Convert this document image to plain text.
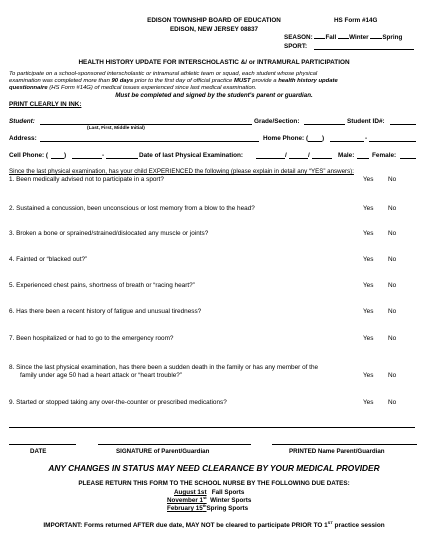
EDISON TOWNSHIP BOARD OF EDUCATION
EDISON, NEW JERSEY 08837
HS Form #14G
SEASON: Fall Winter Spring
SPORT:
HEALTH HISTORY UPDATE FOR INTERSCHOLASTIC &/ or INTRAMURAL PARTICIPATION
To participate on a school-sponsored interscholastic or intramural athletic team or squad, each student whose physical
examination was completed more than 90 days prior to the first day of official practice MUST provide a health history update
questionnaire (HS Form #14G) of medical issues experienced since last medical examination.
Must be completed and signed by the student's parent or guardian.
PRINT CLEARLY IN INK:
Student:
(Last, First, Middle Initial)
Grade/Section:	Student ID#:
Address:	Home Phone: ( )	-
Cell Phone: ( )	-	Date of last Physical Examination:	/	/	Male:	Female:
Since the last physical examination, has your child EXPERIENCED the following (please explain in detail any “YES” answers):
1. Been medically advised not to participate in a sport?	Yes No
2. Sustained a concussion, been unconscious or lost memory from a blow to the head?	Yes No
3. Broken a bone or sprained/strained/dislocated any muscle or joints?	Yes No
4. Fainted or “blacked out?”	Yes No
5. Experienced chest pains, shortness of breath or “racing heart?”	Yes No
6. Has there been a recent history of fatigue and unusual tiredness?	Yes No
7. Been hospitalized or had to go to the emergency room?	Yes No
8. Since the last physical examination, has there been a sudden death in the family or has any member of the
family under age 50 had a heart attack or “heart trouble?”	Yes No
9. Started or stopped taking any over-the-counter or prescribed medications?	Yes No
DATE	SIGNATURE of Parent/Guardian	PRINTED Name Parent/Guardian
ANY CHANGES IN STATUS MAY NEED CLEARANCE BY YOUR MEDICAL PROVIDER
PLEASE RETURN THIS FORM TO THE SCHOOL NURSE BY THE FOLLOWING DUE DATES:
August 1st Fall Sports
November 1st Winter Sports
February 15thSpring Sports
IMPORTANT: Forms returned AFTER due date, MAY NOT be cleared to participate PRIOR TO 1ST practice session
